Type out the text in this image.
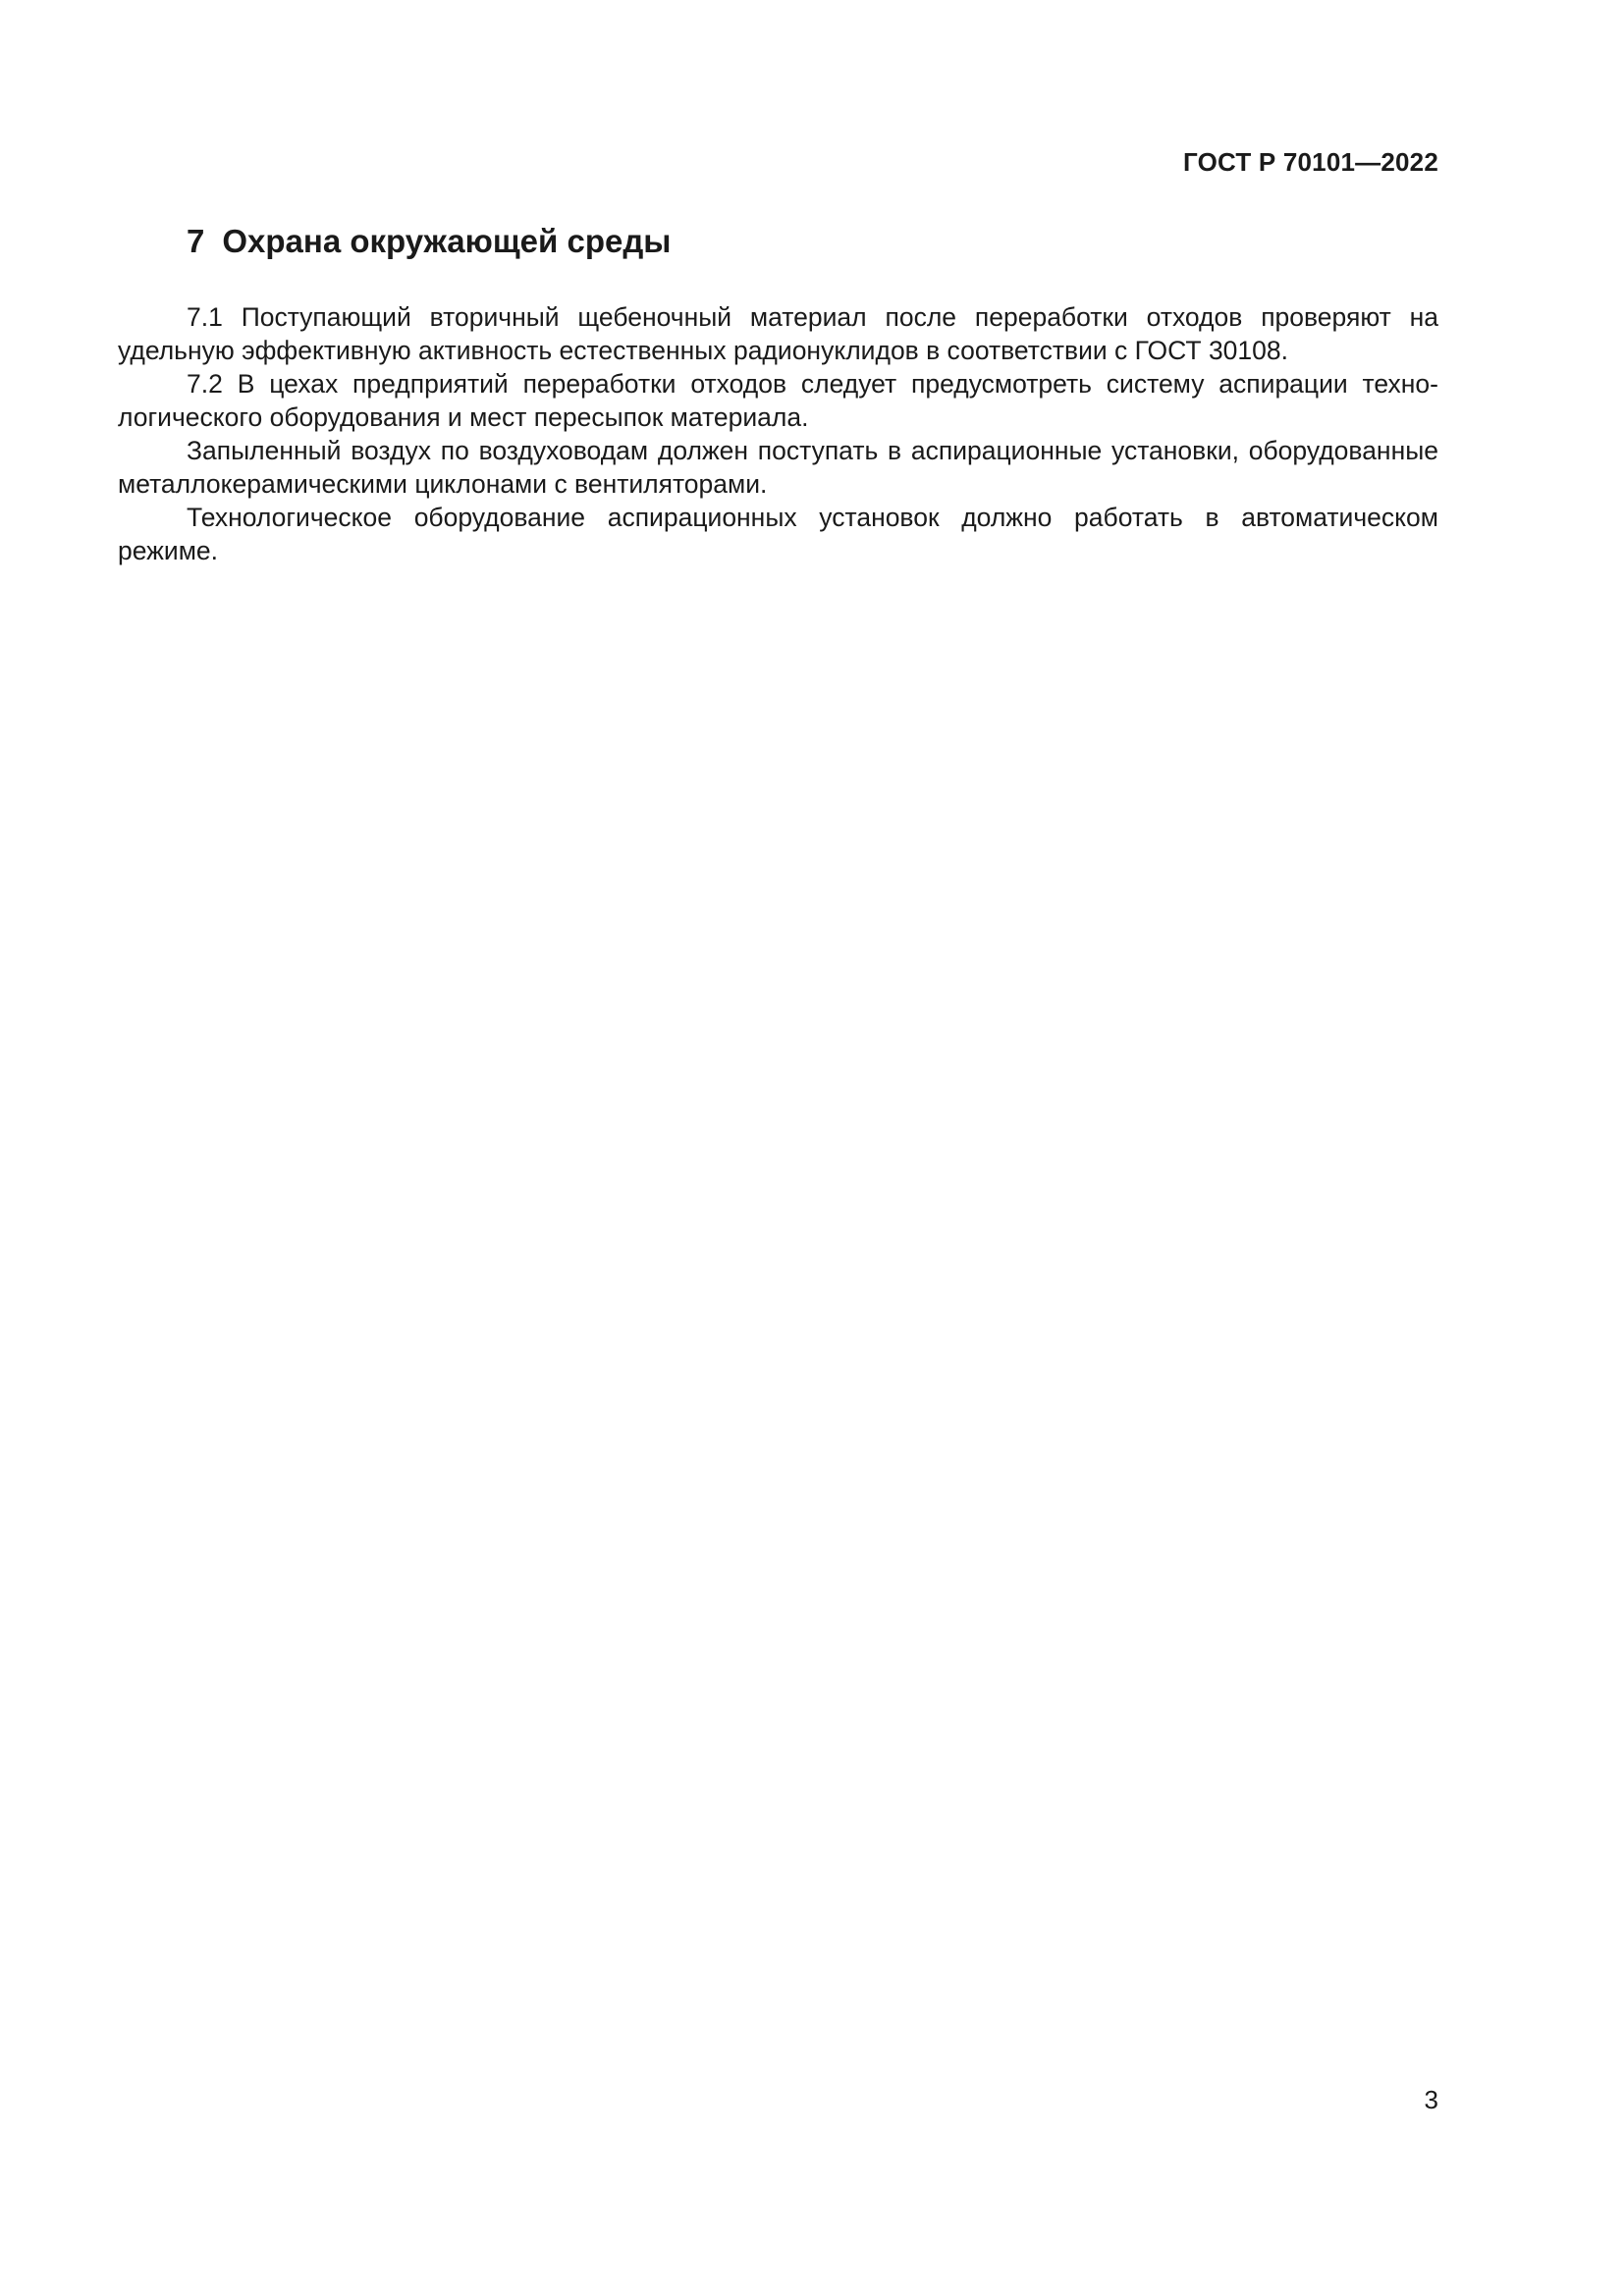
ГОСТ Р 70101—2022
7 Охрана окружающей среды

7.1 Поступающий вторичный щебеночный материал после переработки отходов проверяют на удельную эффективную активность естественных радионуклидов в соответствии с ГОСТ 30108.

7.2 В цехах предприятий переработки отходов следует предусмотреть систему аспирации технологического оборудования и мест пересыпок материала.

Запыленный воздух по воздуховодам должен поступать в аспирационные установки, оборудованные металлокерамическими циклонами с вентиляторами.

Технологическое оборудование аспирационных установок должно работать в автоматическом режиме.

3
